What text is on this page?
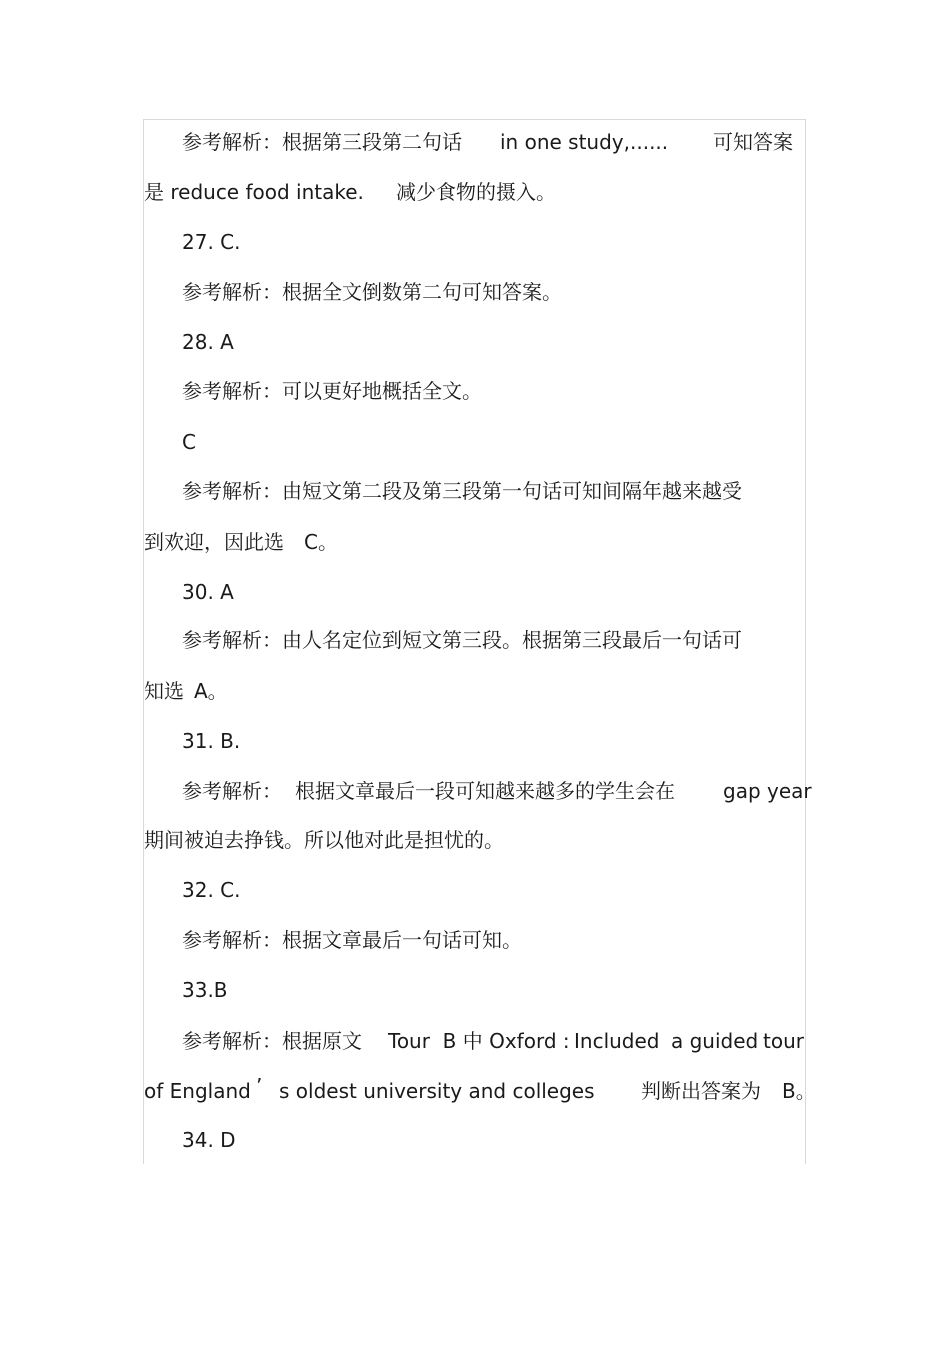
参考解析：根据第三段第二句话 in one study,...... 可知答案
是 reduce food intake. 减少食物的摄入。
27. C.
参考解析：根据全文倒数第二句可知答案。
28. A
参考解析：可以更好地概括全文。
C
参考解析：由短文第二段及第三段第一句话可知间隔年越来越受
到欢迎，因此选 C。
30. A
参考解析：由人名定位到短文第三段。根据第三段最后一句话可
知选 A。
31. B.
参考解析： 根据文章最后一段可知越来越多的学生会在 gap year
期间被迫去挣钱。所以他对此是担忧的。
32. C.
参考解析：根据文章最后一句话可知。
33.B
参考解析：根据原文 Tour  B 中 Oxford : Included a guided tour
of England ’ s oldest university and colleges 判断出答案为 B。
34. D
